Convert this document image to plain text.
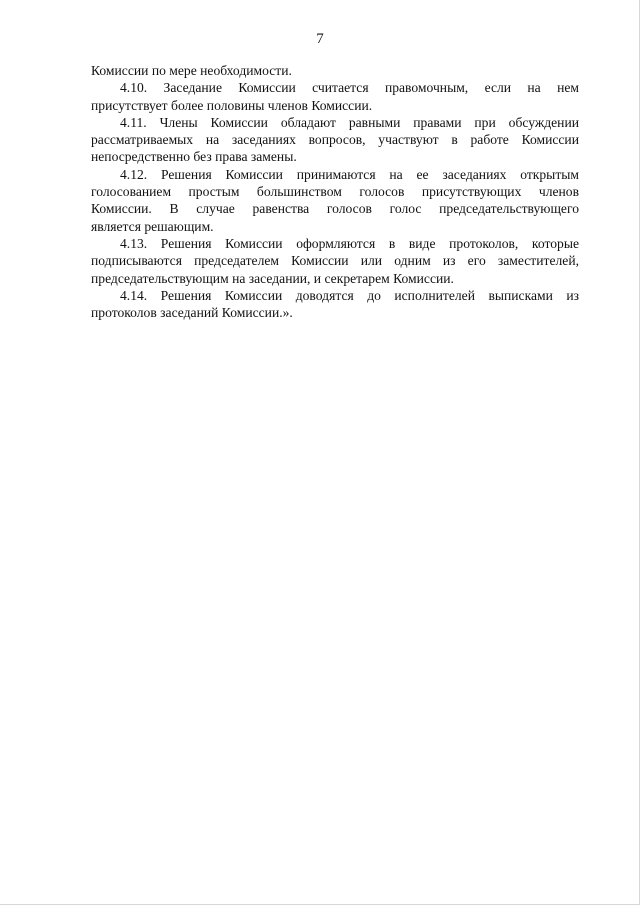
7

Комиссии по мере необходимости.

4.10. Заседание Комиссии считается правомочным, если на нем
присутствует более половины членов Комиссии.

4.11. Члены Комиссии обладают равными правами при обсуждении
рассматриваемых на заседаниях вопросов, участвуют в работе Комиссии
непосредственно без права замены.

4.12. Решения Комиссии принимаются на ее заседаниях открытым
голосованием простым большинством голосов присутствующих членов
Комиссии. В случае равенства голосов голос председательствующего
является решающим.

4.13. Решения Комиссии оформляются в виде протоколов, которые
подписываются председателем Комиссии или одним из его заместителей,
председательствующим на заседании, и секретарем Комиссии.

4.14. Решения Комиссии доводятся до исполнителей выписками из
протоколов заседаний Комиссии.».
